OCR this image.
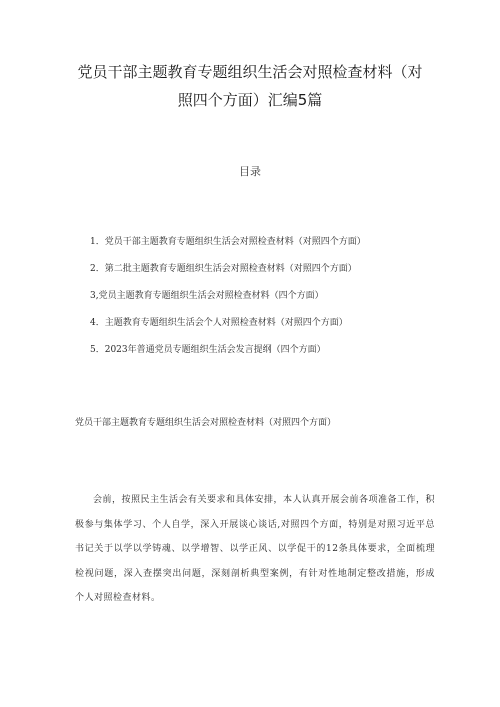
党员干部主题教育专题组织生活会对照检查材料（对照四个方面）汇编5篇
目录
1．党员干部主题教育专题组织生活会对照检查材料（对照四个方面）
2．第二批主题教育专题组织生活会对照检查材料（对照四个方面）
3,党员主题教育专题组织生活会对照检查材料（四个方面）
4．主题教育专题组织生活会个人对照检查材料（对照四个方面）
5．2023年普通党员专题组织生活会发言提纲（四个方面）
党员干部主题教育专题组织生活会对照检查材料（对照四个方面）

会前，按照民主生活会有关要求和具体安排，本人认真开展会前各项准备工作，积极参与集体学习、个人自学，深入开展谈心谈话,对照四个方面，特别是对照习近平总书记关于以学以学铸魂、以学增智、以学正风、以学促干的12条具体要求，全面梳理检视问题，深入查摆突出问题，深刻剖析典型案例，有针对性地制定整改措施，形成个人对照检查材料。
